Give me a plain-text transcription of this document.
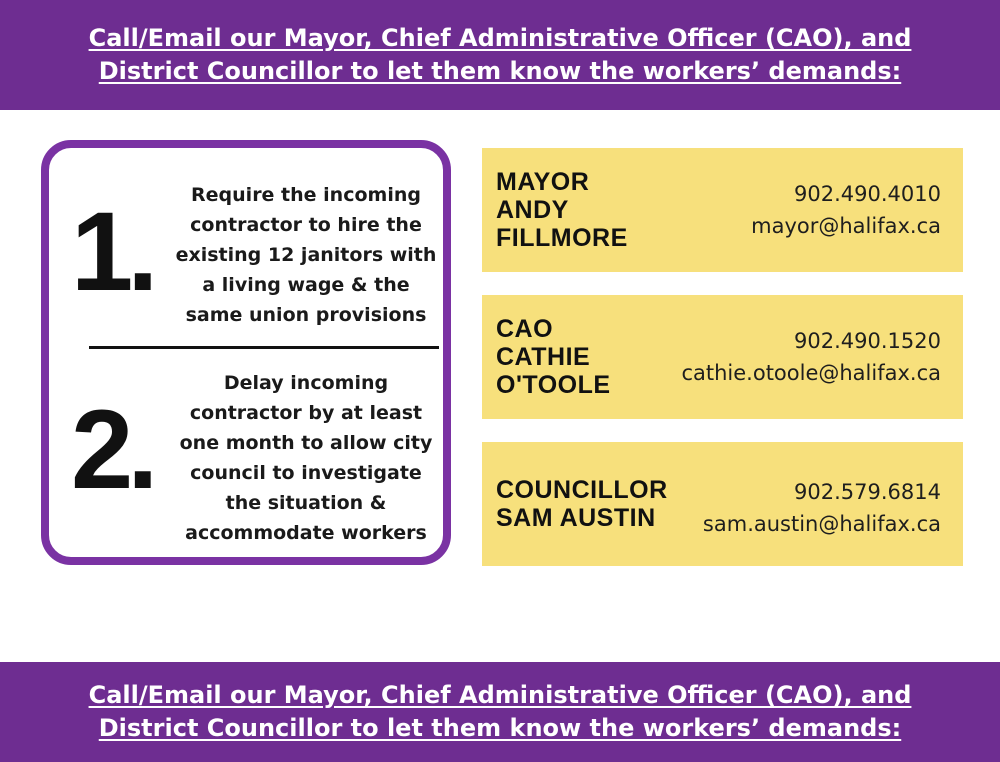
Call/Email our Mayor, Chief Administrative Officer (CAO), and
District Councillor to let them know the workers’ demands:
1.	Require the incoming
contractor to hire the
existing 12 janitors with
a living wage & the
same union provisions
2.
Delay incoming
contractor by at least
one month to allow city
council to investigate
the situation &
accommodate workers
MAYOR
ANDY
FILLMORE
902.490.4010
mayor@halifax.ca
CAO
CATHIE
O'TOOLE
902.490.1520
cathie.otoole@halifax.ca
COUNCILLOR
SAM AUSTIN
902.579.6814
sam.austin@halifax.ca
Call/Email our Mayor, Chief Administrative Officer (CAO), and
District Councillor to let them know the workers’ demands:
